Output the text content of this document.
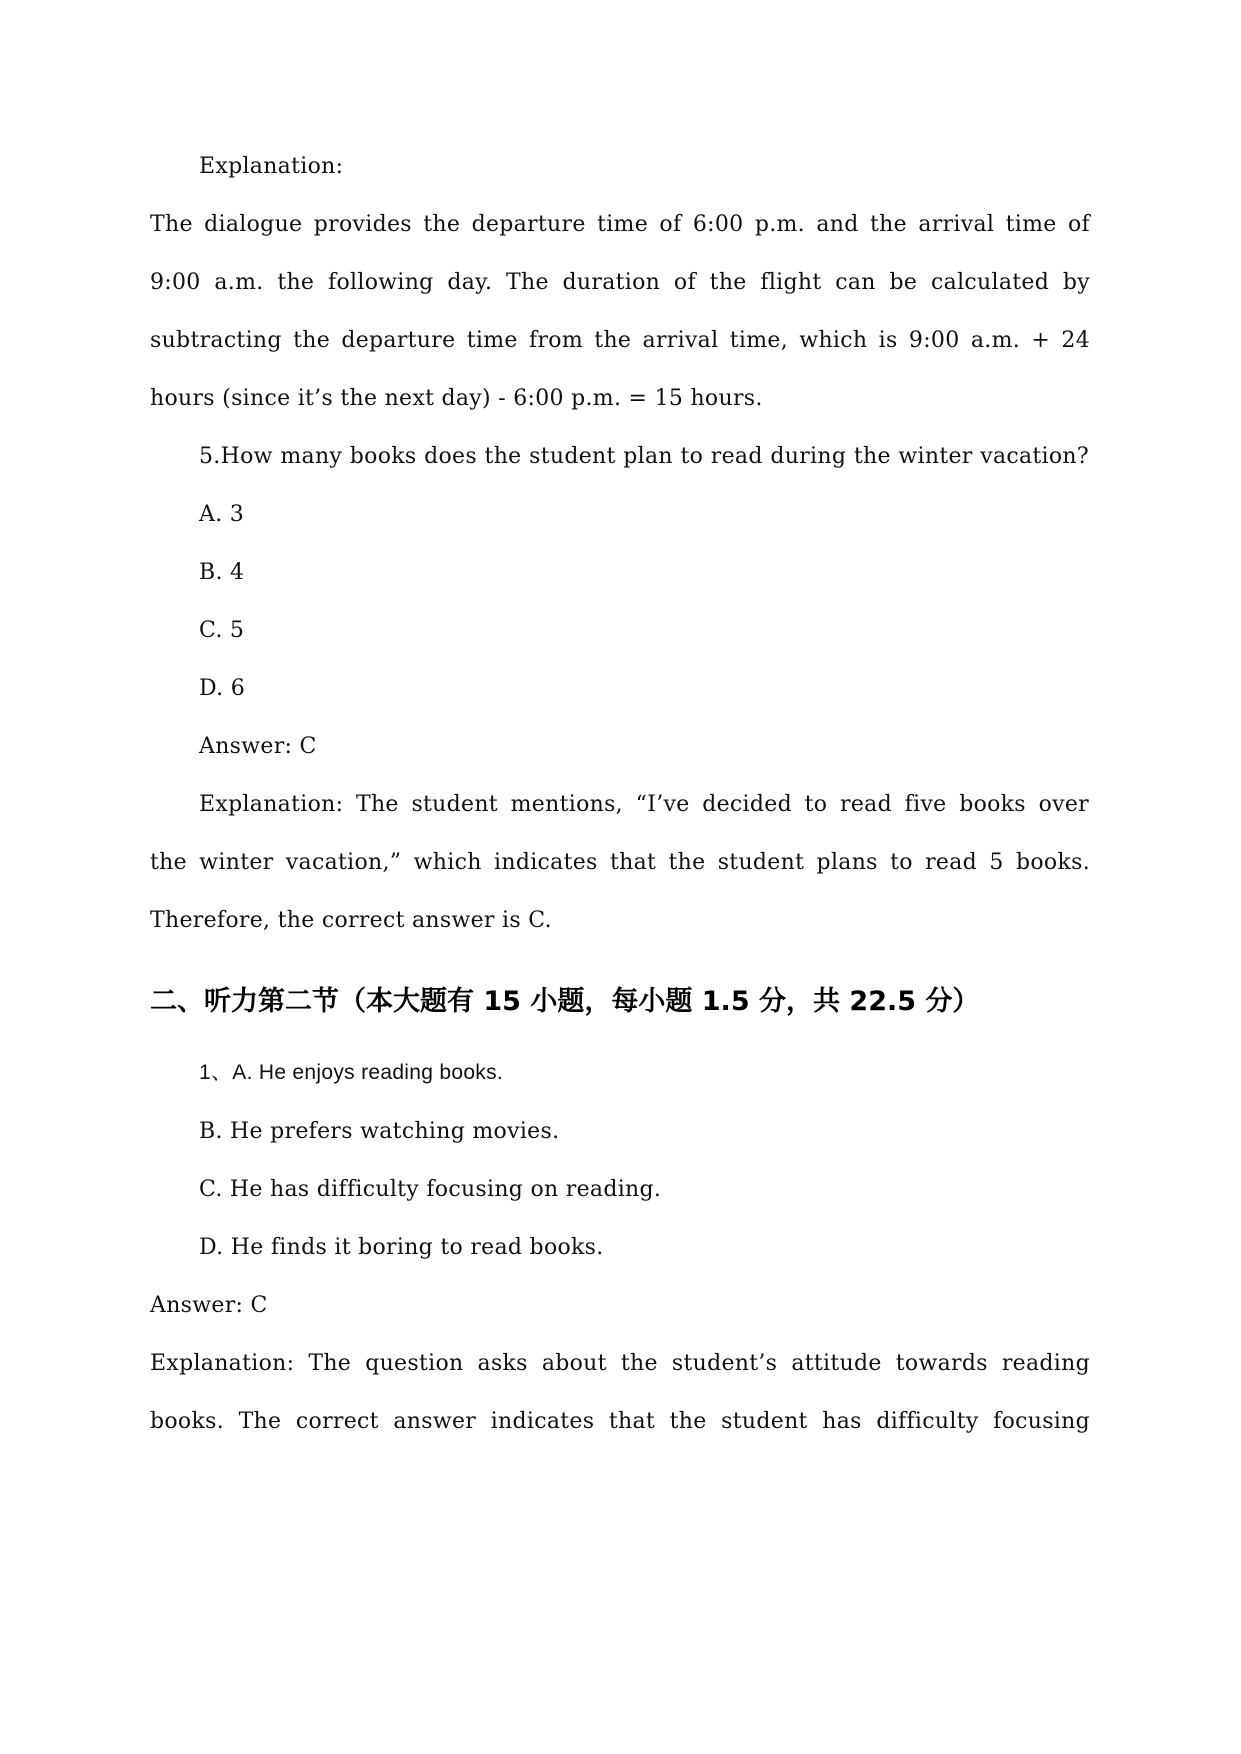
Explanation:
The dialogue provides the departure time of 6:00 p.m. and the arrival time of
9:00 a.m. the following day. The duration of the flight can be calculated by
subtracting the departure time from the arrival time, which is 9:00 a.m. + 24
hours (since it’s the next day) - 6:00 p.m. = 15 hours.
5.How many books does the student plan to read during the winter vacation?
A. 3
B. 4
C. 5
D. 6
Answer: C
Explanation: The student mentions, “I’ve decided to read five books over
the winter vacation,” which indicates that the student plans to read 5 books.
Therefore, the correct answer is C.
二、听力第二节（本大题有 15 小题，每小题 1.5 分，共 22.5 分）
1、A. He enjoys reading books.
B. He prefers watching movies.
C. He has difficulty focusing on reading.
D. He finds it boring to read books.
Answer: C
Explanation: The question asks about the student’s attitude towards reading
books. The correct answer indicates that the student has difficulty focusing
